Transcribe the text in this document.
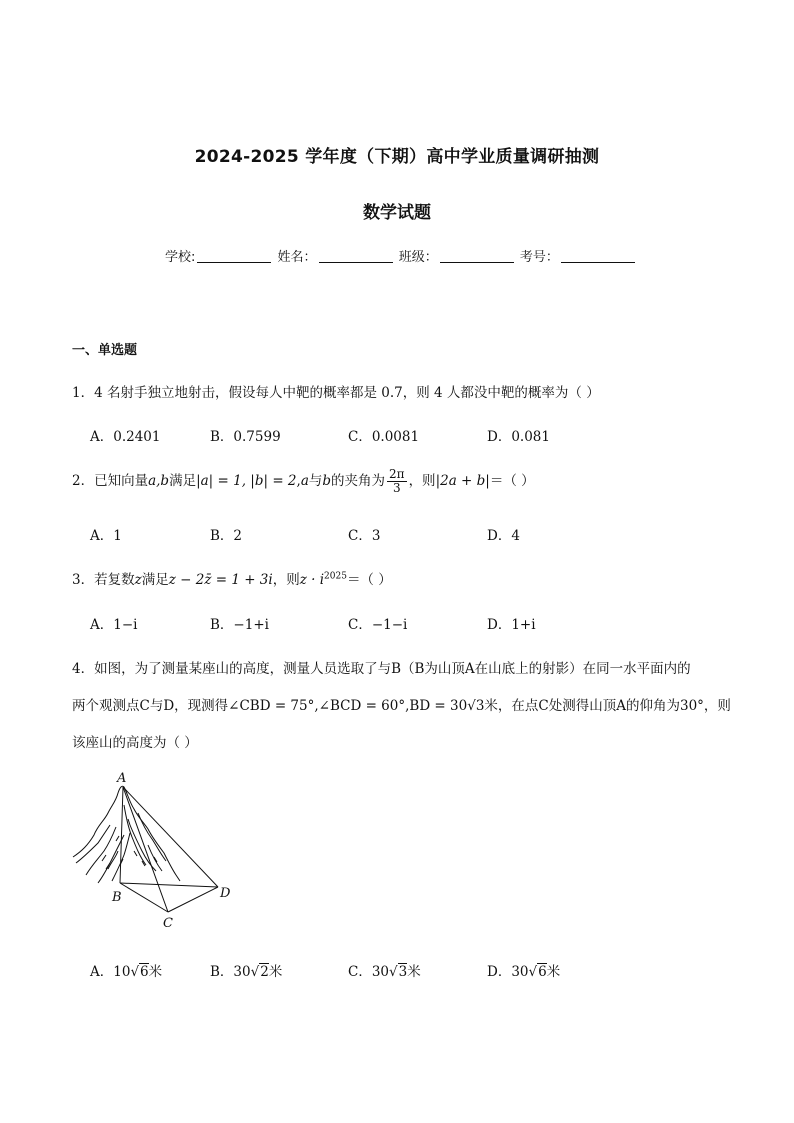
2024-2025 学年度（下期）高中学业质量调研抽测
数学试题
学校:	姓名：	班级：	考号：
一、单选题
1．4 名射手独立地射击，假设每人中靶的概率都是 0.7，则 4 人都没中靶的概率为（ ）
A．0.2401	B．0.7599	C．0.0081	D．0.081
2．已知向量a,b满足|a| = 1, |b| = 2,a与b的夹角为 $\frac{2\pi}{3}$ ，则|2a + b|＝（ ）
A．1	B．2	C．3	D．4
3．若复数z满足z − 2z̄ = 1 + 3i，则$z \cdot i^{2025}=$（ ）
A．1−i	B．−1+i	C．−1−i	D．1+i
4．如图，为了测量某座山的高度，测量人员选取了与B（B为山顶A在山底上的射影）在同一水平面内的
两个观测点C与D，现测得∠CBD = 75°,∠BCD = 60°,BD = 30√3米，在点C处测得山顶A的仰角为30°，则
该座山的高度为（ ）
A
B
C
D
A．10√6米	B．30√2米	C．30√3米	D．30√6米
